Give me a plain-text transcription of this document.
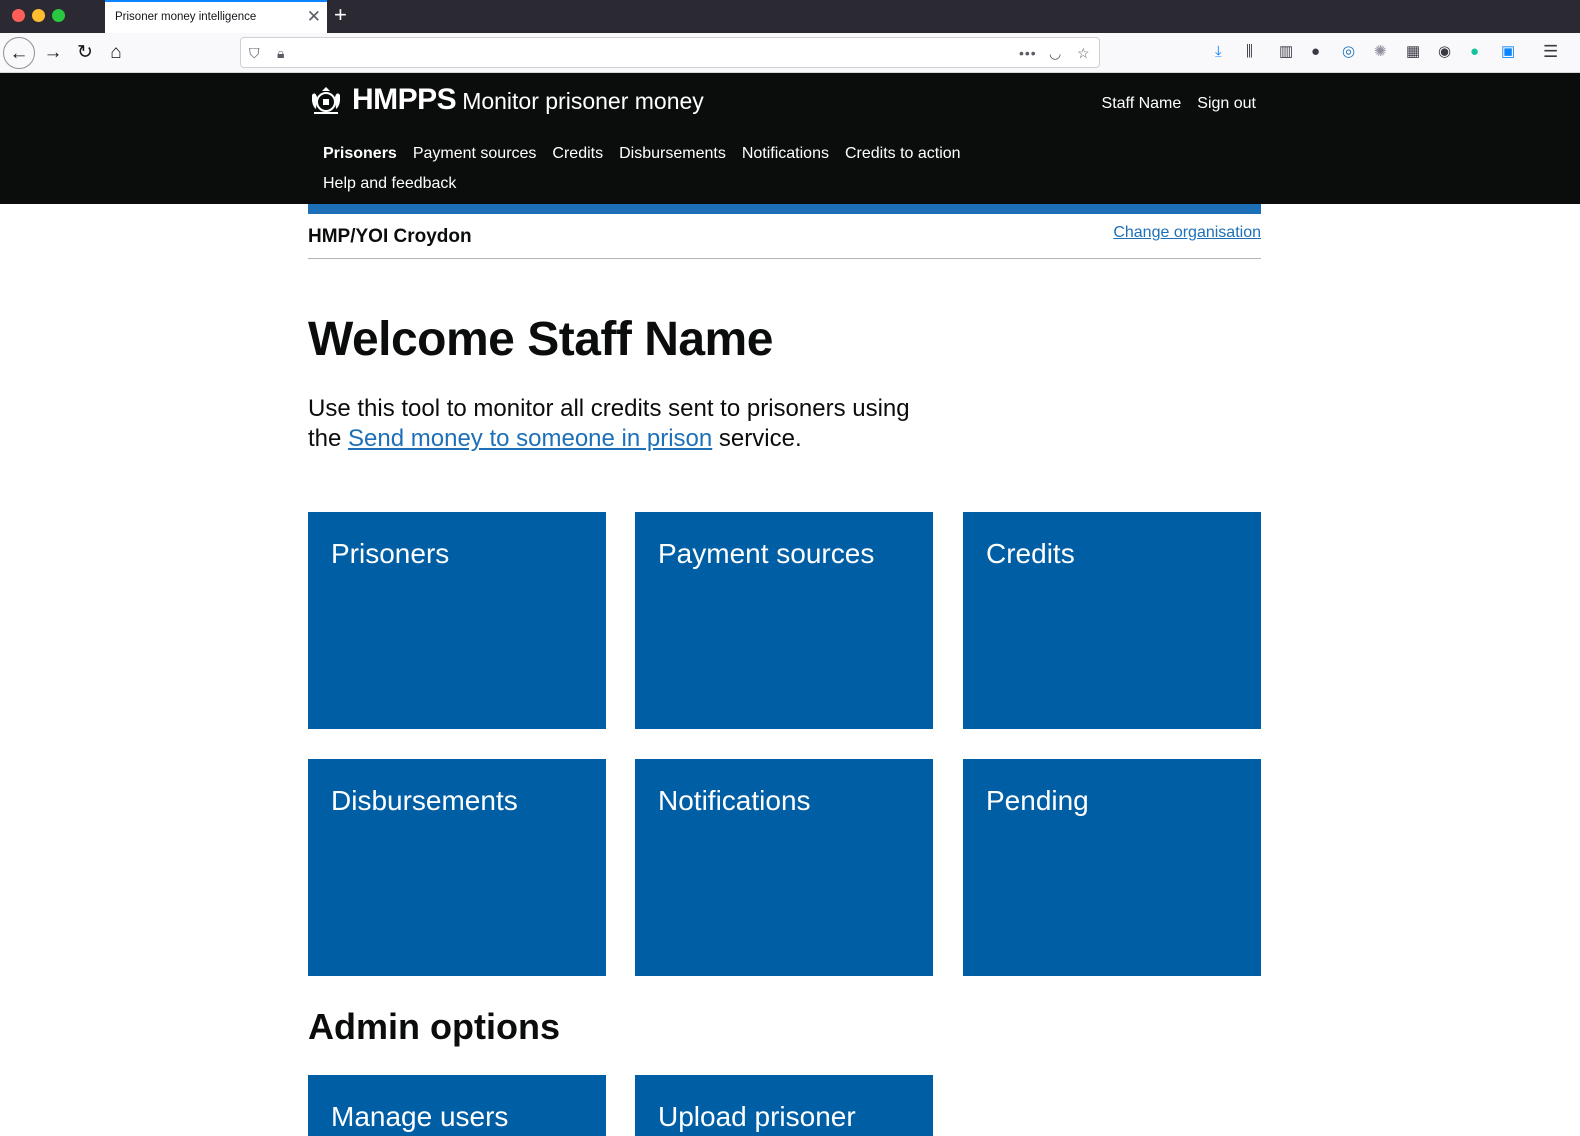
Prisoner money intelligence	✕ +
← → ↻ ⌂	⛉ 🔒︎	••• ◡ ☆	⤓ ⫼ ▥ ● ◎ ✺ ▦ ◉ ● ▣ ☰
HMPPS Monitor prisoner money	Staff Name Sign out
Prisoners Payment sources Credits Disbursements Notifications Credits to action
Help and feedback
HMP/YOI Croydon	Change organisation
Welcome Staff Name

Use this tool to monitor all credits sent to prisoners using the Send money to someone in prison service.

Prisoners	Payment sources	Credits
Disbursements	Notifications	Pending
Admin options
Manage users	Upload prisoner
